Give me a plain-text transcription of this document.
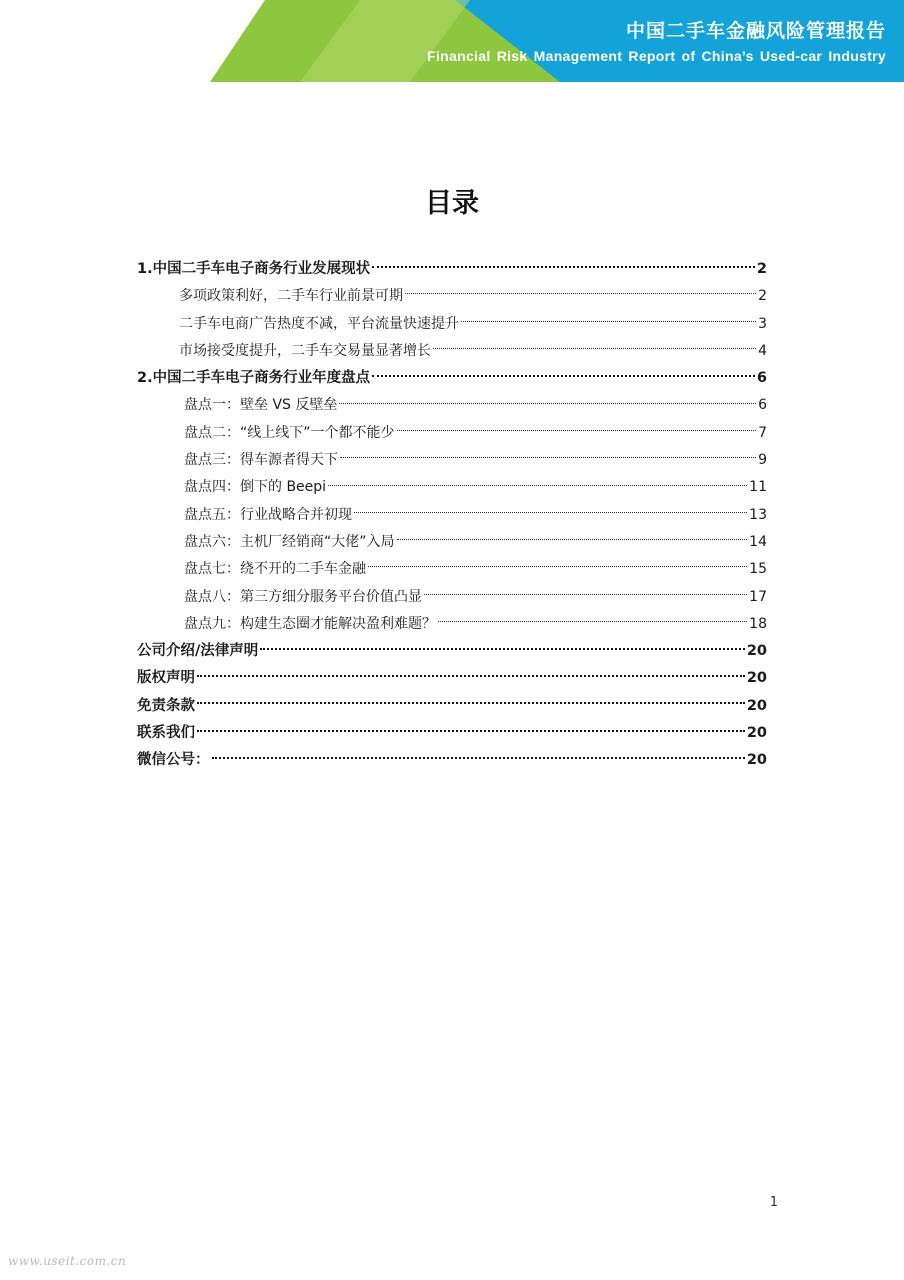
中国二手车金融风险管理报告
Financial Risk Management Report of China’s Used-car Industry
目录
1.中国二手车电子商务行业发展现状	2
多项政策利好，二手车行业前景可期	2
二手车电商广告热度不减，平台流量快速提升	3
市场接受度提升，二手车交易量显著增长	4
2.中国二手车电子商务行业年度盘点	6
盘点一：壁垒 VS 反壁垒	6
盘点二：“线上线下”一个都不能少	7
盘点三：得车源者得天下	9
盘点四：倒下的 Beepi	11
盘点五：行业战略合并初现	13
盘点六：主机厂经销商“大佬”入局	14
盘点七：绕不开的二手车金融	15
盘点八：第三方细分服务平台价值凸显	17
盘点九：构建生态圈才能解决盈利难题？	18
公司介绍/法律声明	20
版权声明	20
免责条款	20
联系我们	20
微信公号：	20
1
www.useit.com.cn
